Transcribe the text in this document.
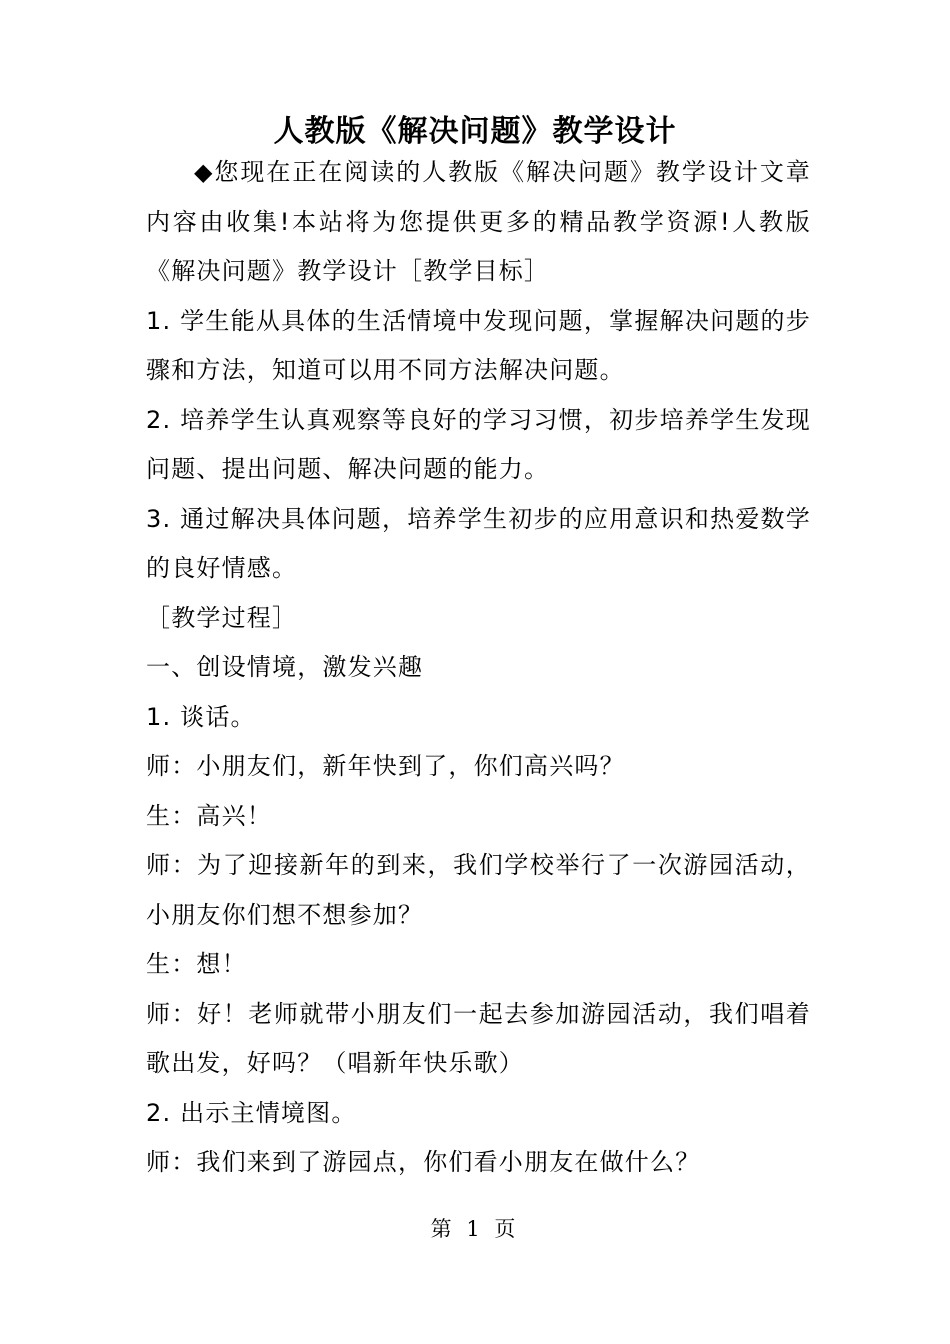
人教版《解决问题》教学设计

◆您现在正在阅读的人教版《解决问题》教学设计文章内容由收集!本站将为您提供更多的精品教学资源!人教版《解决问题》教学设计［教学目标］

1. 学生能从具体的生活情境中发现问题，掌握解决问题的步骤和方法，知道可以用不同方法解决问题。

2. 培养学生认真观察等良好的学习习惯，初步培养学生发现问题、提出问题、解决问题的能力。

3. 通过解决具体问题，培养学生初步的应用意识和热爱数学的良好情感。

［教学过程］

一、创设情境，激发兴趣

1. 谈话。

师：小朋友们，新年快到了，你们高兴吗？

生：高兴！

师：为了迎接新年的到来，我们学校举行了一次游园活动，小朋友你们想不想参加？

生：想！

师：好！老师就带小朋友们一起去参加游园活动，我们唱着歌出发，好吗？（唱新年快乐歌）

2. 出示主情境图。

师：我们来到了游园点，你们看小朋友在做什么？

第 1 页
